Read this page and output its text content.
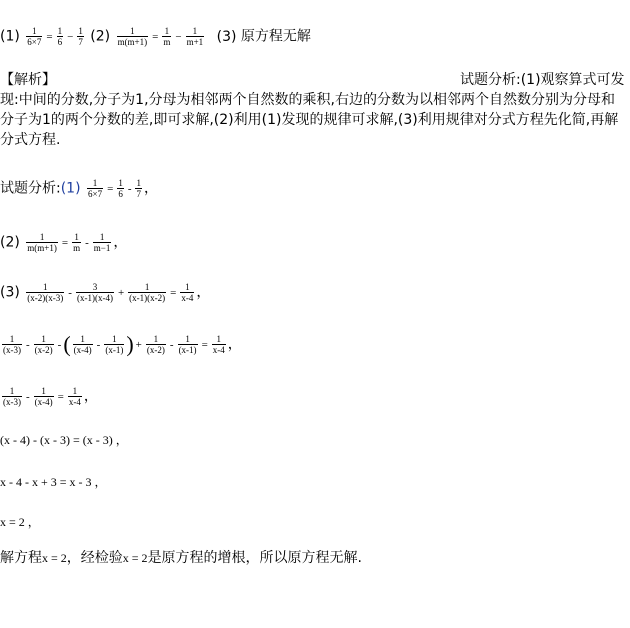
$(1) \frac{1}{6\times 7} = \frac{1}{6} - \frac{1}{7} (2) \frac{1}{m(m+1)} = \frac{1}{m} - \frac{1}{m+1} (3)$ 原方程无解
【解析】	试题分析:(1)观察算式可发
现:中间的分数,分子为1,分母为相邻两个自然数的乘积,右边的分数为以相邻两个自然数分别为分母和分子为1的两个分数的差,即可求解,(2)利用(1)发现的规律可求解,(3)利用规律对分式方程先化简,再解分式方程.
试题分析:(1) $\frac{1}{6\times 7} = \frac{1}{6} - \frac{1}{7}$ ，
$(2) \frac{1}{m(m+1)} = \frac{1}{m} - \frac{1}{m-1}$ ，
$(3) \frac{1}{(x-2)(x-3)} - \frac{3}{(x-1)(x-4)} + \frac{1}{(x-1)(x-2)} = \frac{1}{x-4}$ ，
$\frac{1}{(x-3)} - \frac{1}{(x-2)}$ -( $\frac{1}{(x-4)} - \frac{1}{(x-1)}$ ) + $\frac{1}{(x-2)} - \frac{1}{(x-1)} = \frac{1}{x-4}$ ，
$\frac{1}{(x-3)} - \frac{1}{(x-4)} = \frac{1}{x-4}$ ，
(x - 4) - (x - 3) = (x - 3) ，
x - 4 - x + 3 = x - 3 ，
x = 2 ，
解方程x = 2，经检验x = 2是原方程的增根，所以原方程无解.
